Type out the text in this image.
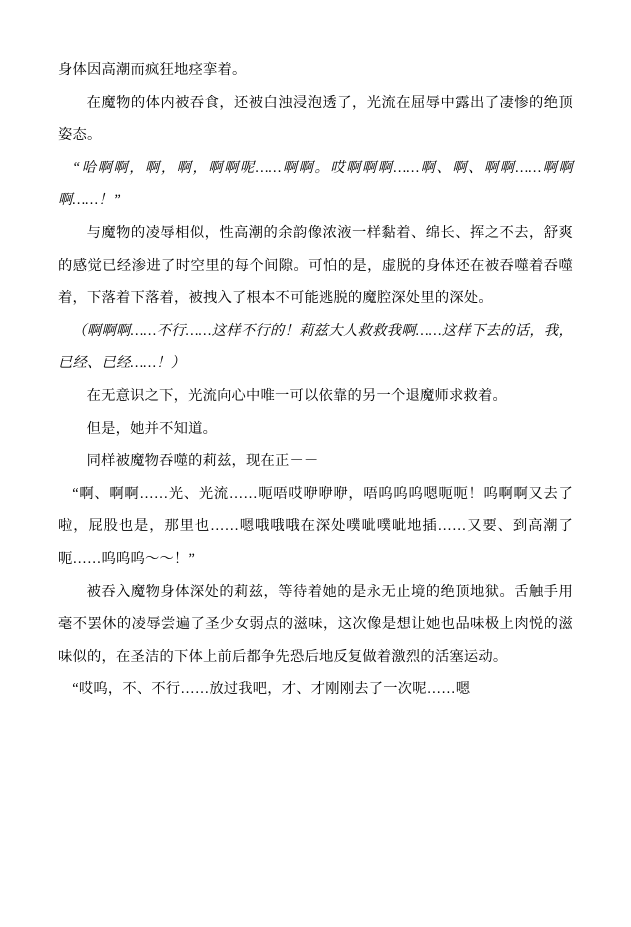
身体因高潮而疯狂地痉挛着。

在魔物的体内被吞食，还被白浊浸泡透了，光流在屈辱中露出了凄惨的绝顶姿态。

“哈啊啊，啊，啊，啊啊呢……啊啊。哎啊啊啊……啊、啊、啊啊……啊啊啊……！”

与魔物的凌辱相似，性高潮的余韵像浓液一样黏着、绵长、挥之不去，舒爽的感觉已经渗进了时空里的每个间隙。可怕的是，虚脱的身体还在被吞噬着吞噬着，下落着下落着，被拽入了根本不可能逃脱的魔腔深处里的深处。

（啊啊啊……不行……这样不行的！莉兹大人救救我啊……这样下去的话，我，已经、已经……！）

在无意识之下，光流向心中唯一可以依靠的另一个退魔师求救着。

但是，她并不知道。

同样被魔物吞噬的莉兹，现在正－－

“啊、啊啊……光、光流……呃唔哎咿咿咿，唔呜呜呜嗯呃呃！呜啊啊又去了啦，屁股也是，那里也……嗯哦哦哦在深处噗呲噗呲地插……又要、到高潮了呃……呜呜呜～～！”

被吞入魔物身体深处的莉兹，等待着她的是永无止境的绝顶地狱。舌触手用毫不罢休的凌辱尝遍了圣少女弱点的滋味，这次像是想让她也品味极上肉悦的滋味似的，在圣洁的下体上前后都争先恐后地反复做着激烈的活塞运动。

“哎呜，不、不行……放过我吧，才、才刚刚去了一次呢……嗯
